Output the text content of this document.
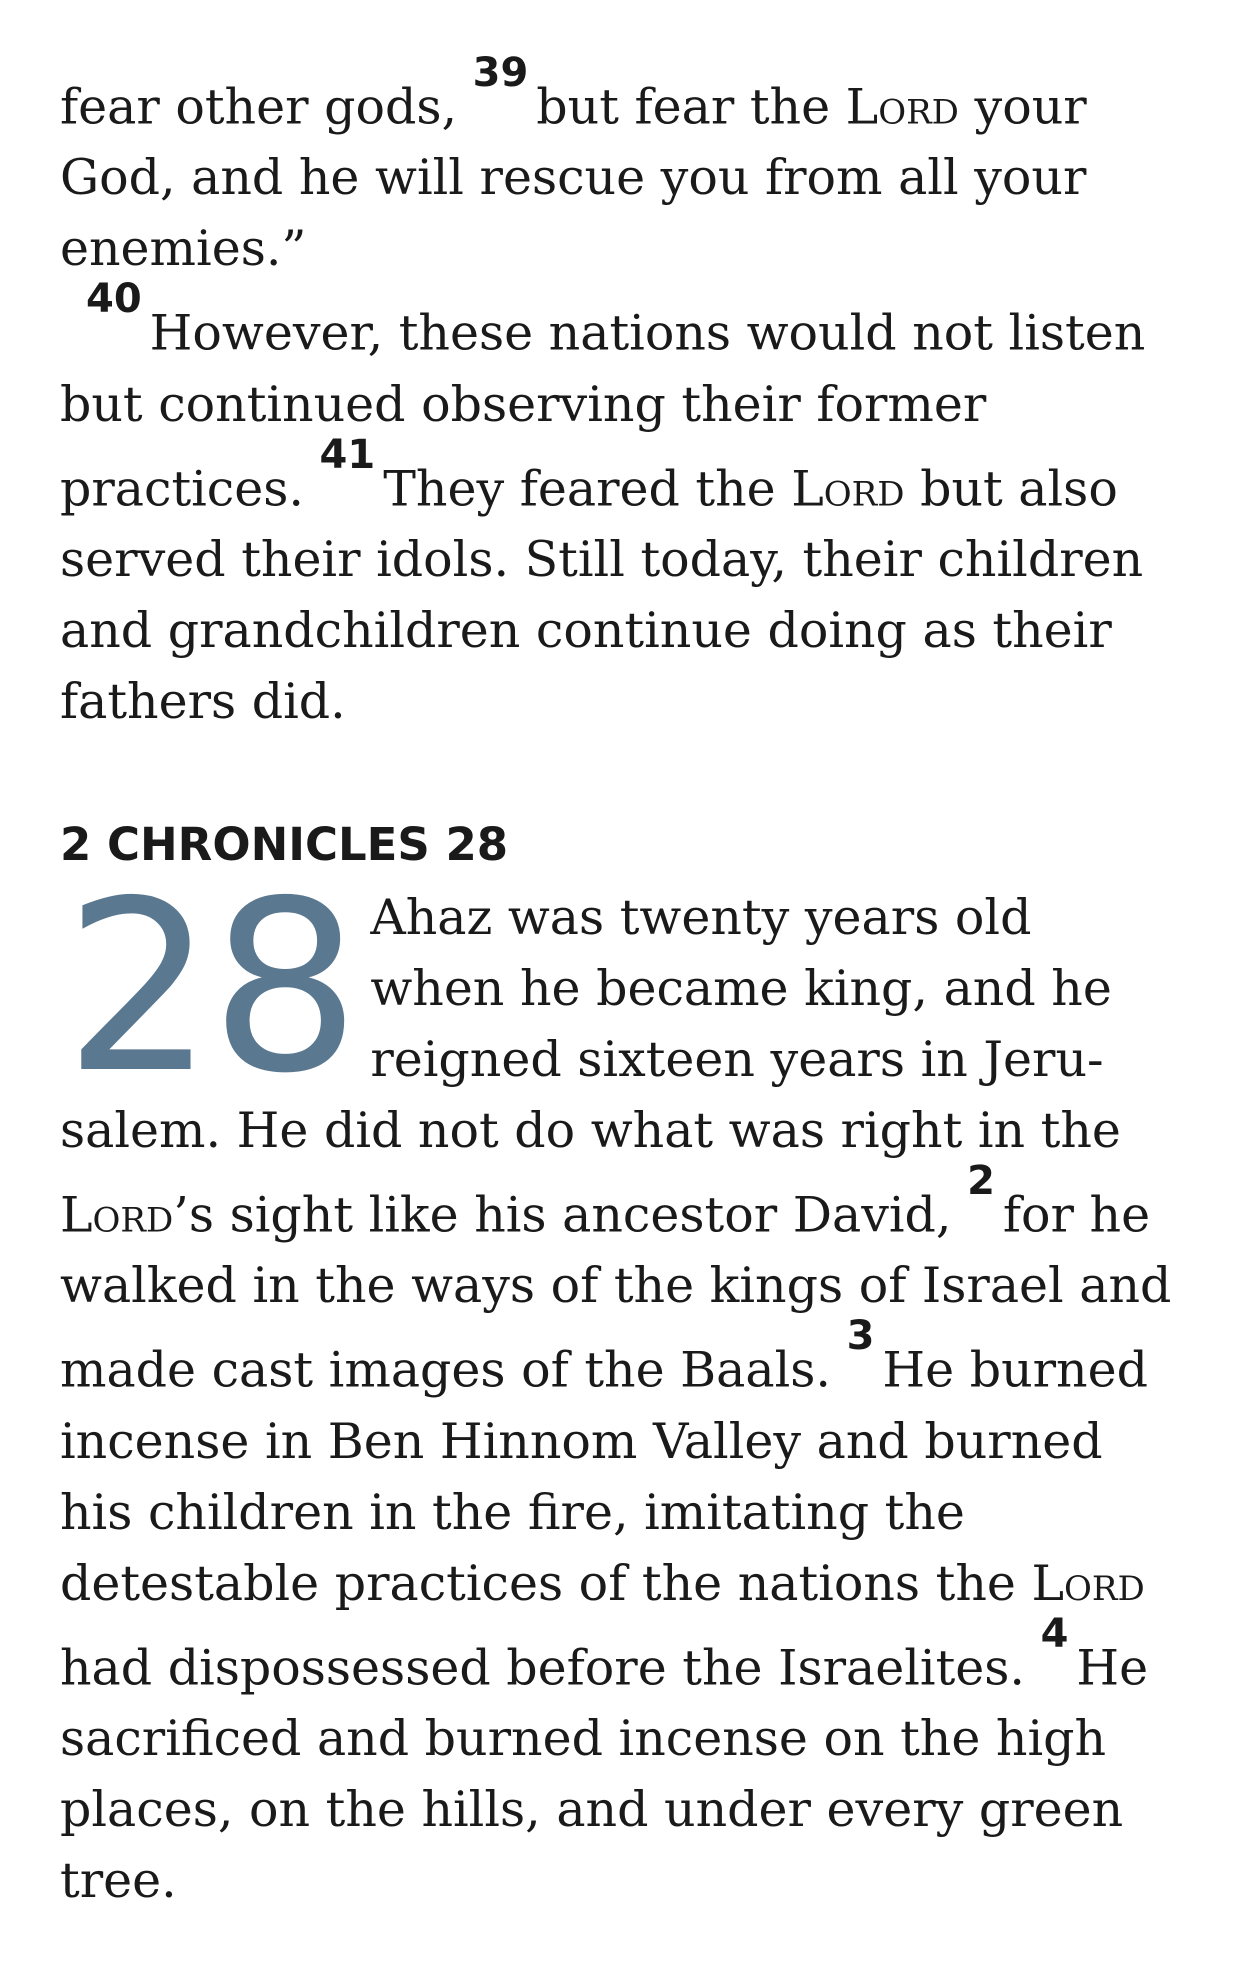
fear other gods, $^{39}$but fear the Lord your God, and he will rescue you from all your enemies.”

$^{40}$However, these nations would not listen but continued observing their former practices. $^{41}$They feared the Lord but also served their idols. Still today, their children and grandchildren continue doing as their fathers did.

2 CHRONICLES 28

28 Ahaz was twenty years old when he became king, and he reigned sixteen years in Jeru-salem. He did not do what was right in the Lord’s sight like his ancestor David, $^2$for he walked in the ways of the kings of Israel and made cast images of the Baals. $^3$He burned incense in Ben Hinnom Valley and burned his children in the fire, imitating the detestable practices of the nations the Lord had dispossessed before the Israelites. $^4$He sacrificed and burned incense on the high places, on the hills, and under every green tree.
